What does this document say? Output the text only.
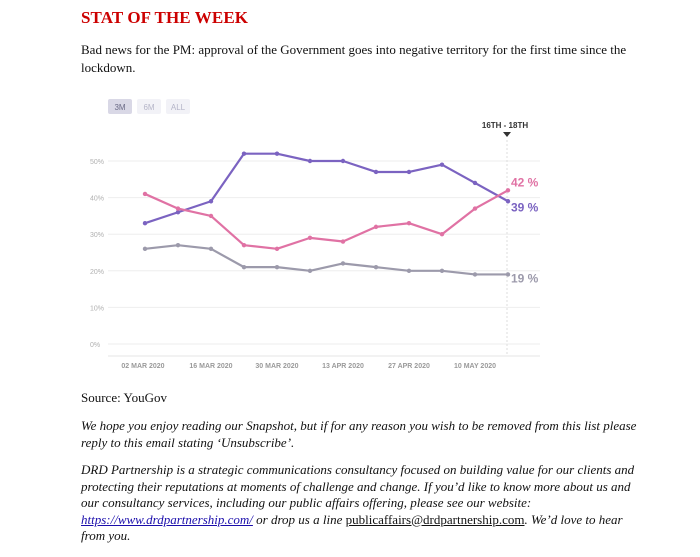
STAT OF THE WEEK

Bad news for the PM: approval of the Government goes into negative territory for the first time since the lockdown.

0%
10%
20%
30%
40%
50%
02 MAR 2020	16 MAR 2020	30 MAR 2020	13 APR 2020	27 APR 2020	10 MAY 2020
3M 6M ALL
16TH - 18TH
39 %
42 %
19 %

Source: YouGov

We hope you enjoy reading our Snapshot, but if for any reason you wish to be removed from this list please reply to this email stating ‘Unsubscribe’.

DRD Partnership is a strategic communications consultancy focused on building value for our clients and protecting their reputations at moments of challenge and change. If you’d like to know more about us and our consultancy services, including our public affairs offering, please see our website: https://www.drdpartnership.com/ or drop us a line publicaffairs@drdpartnership.com. We’d love to hear from you.
